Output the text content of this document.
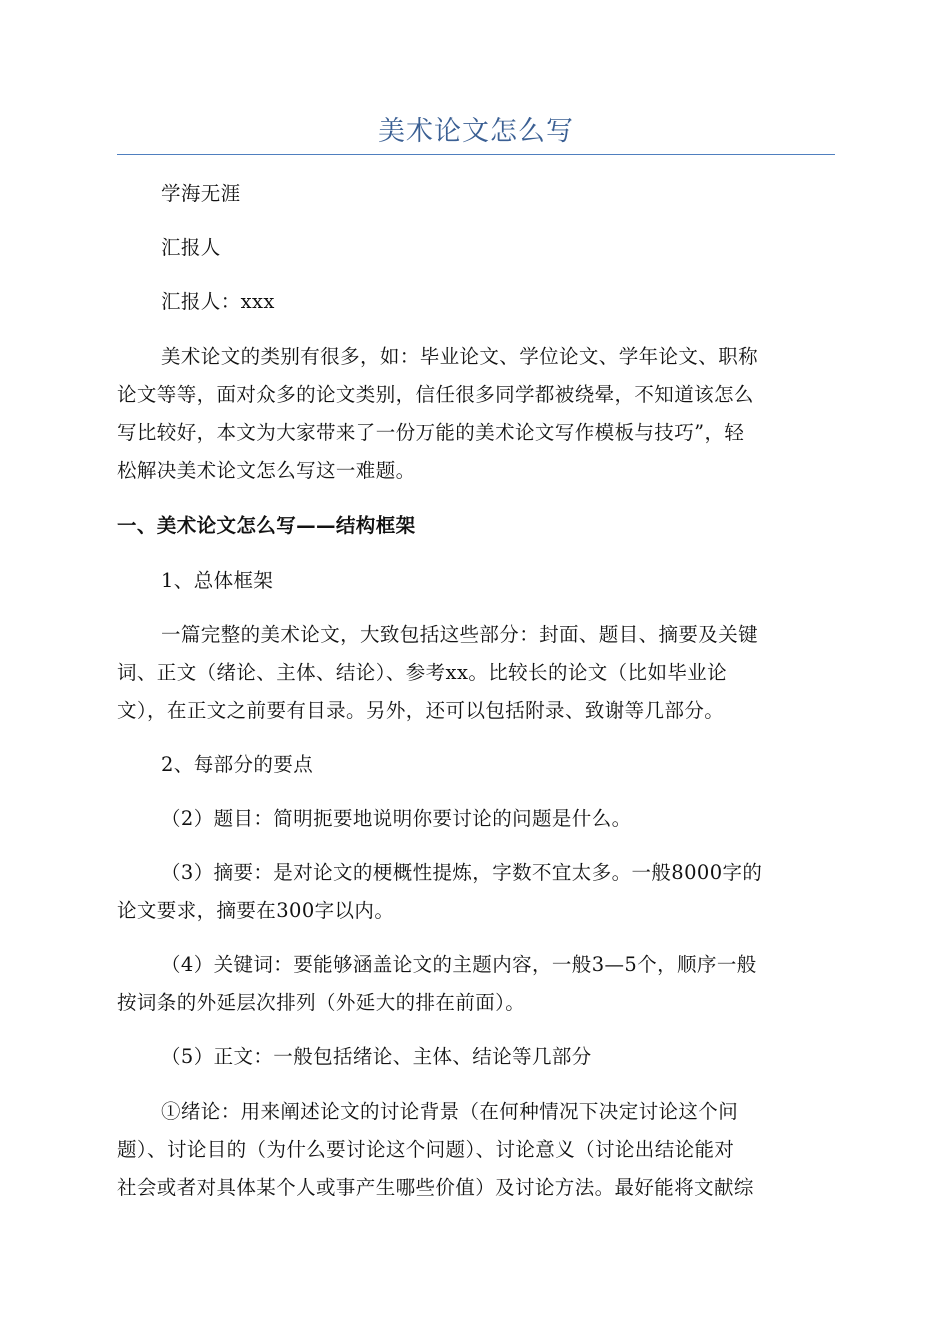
美术论文怎么写
学海无涯
汇报人
汇报人：xxx
美术论文的类别有很多，如：毕业论文、学位论文、学年论文、职称
论文等等，面对众多的论文类别，信任很多同学都被绕晕，不知道该怎么
写比较好，本文为大家带来了一份万能的美术论文写作模板与技巧”，轻
松解决美术论文怎么写这一难题。
一、美术论文怎么写——结构框架
1、总体框架
一篇完整的美术论文，大致包括这些部分：封面、题目、摘要及关键
词、正文（绪论、主体、结论）、参考xx。比较长的论文（比如毕业论
文），在正文之前要有目录。另外，还可以包括附录、致谢等几部分。
2、每部分的要点
（2）题目：简明扼要地说明你要讨论的问题是什么。
（3）摘要：是对论文的梗概性提炼，字数不宜太多。一般8000字的
论文要求，摘要在300字以内。
（4）关键词：要能够涵盖论文的主题内容，一般3—5个，顺序一般
按词条的外延层次排列（外延大的排在前面）。
（5）正文：一般包括绪论、主体、结论等几部分
①绪论：用来阐述论文的讨论背景（在何种情况下决定讨论这个问
题）、讨论目的（为什么要讨论这个问题）、讨论意义（讨论出结论能对
社会或者对具体某个人或事产生哪些价值）及讨论方法。最好能将文献综
